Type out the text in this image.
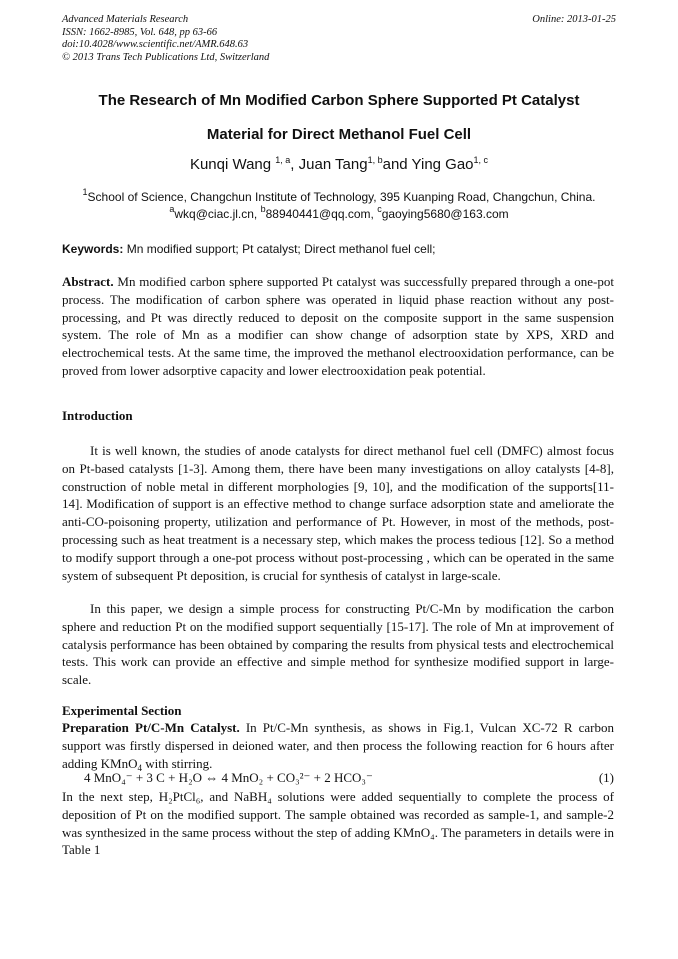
Advanced Materials Research
ISSN: 1662-8985, Vol. 648, pp 63-66
doi:10.4028/www.scientific.net/AMR.648.63
© 2013 Trans Tech Publications Ltd, Switzerland
Online: 2013-01-25
The Research of Mn Modified Carbon Sphere Supported Pt Catalyst
Material for Direct Methanol Fuel Cell
Kunqi Wang $^{1, a}$, Juan Tang$^{1, b}$and Ying Gao$^{1, c}$
$^1$School of Science, Changchun Institute of Technology, 395 Kuanping Road, Changchun, China.
$^a$wkq@ciac.jl.cn, $^b$88940441@qq.com, $^c$gaoying5680@163.com
Keywords: Mn modified support; Pt catalyst; Direct methanol fuel cell;

Abstract. Mn modified carbon sphere supported Pt catalyst was successfully prepared through a one-pot process. The modification of carbon sphere was operated in liquid phase reaction without any post-processing, and Pt was directly reduced to deposit on the composite support in the same suspension system. The role of Mn as a modifier can show change of adsorption state by XPS, XRD and electrochemical tests. At the same time, the improved the methanol electrooxidation performance, can be proved from lower adsorptive capacity and lower electrooxidation peak potential.

Introduction

It is well known, the studies of anode catalysts for direct methanol fuel cell (DMFC) almost focus on Pt-based catalysts [1-3]. Among them, there have been many investigations on alloy catalysts [4-8], construction of noble metal in different morphologies [9, 10], and the modification of the supports[11-14]. Modification of support is an effective method to change surface adsorption state and ameliorate the anti-CO-poisoning property, utilization and performance of Pt. However, in most of the methods, post-processing such as heat treatment is a necessary step, which makes the process tedious [12]. So a method to modify support through a one-pot process without post-processing , which can be operated in the same system of subsequent Pt deposition, is crucial for synthesis of catalyst in large-scale.

In this paper, we design a simple process for constructing Pt/C-Mn by modification the carbon sphere and reduction Pt on the modified support sequentially [15-17]. The role of Mn at improvement of catalysis performance has been obtained by comparing the results from physical tests and electrochemical tests. This work can provide an effective and simple method for synthesize modified support in large-scale.

Experimental Section

Preparation Pt/C-Mn Catalyst. In Pt/C-Mn synthesis, as shows in Fig.1, Vulcan XC-72 R carbon support was firstly dispersed in deioned water, and then process the following reaction for 6 hours after adding KMnO$_4$ with stirring.

4 MnO₄⁻ + 3 C + H₂O ⇔ 4 MnO₂ + CO₃²⁻ + 2 HCO₃⁻	(1)

In the next step, H₂PtCl₆, and NaBH₄ solutions were added sequentially to complete the process of deposition of Pt on the modified support. The sample obtained was recorded as sample-1, and sample-2 was synthesized in the same process without the step of adding KMnO₄. The parameters in details were in Table 1
